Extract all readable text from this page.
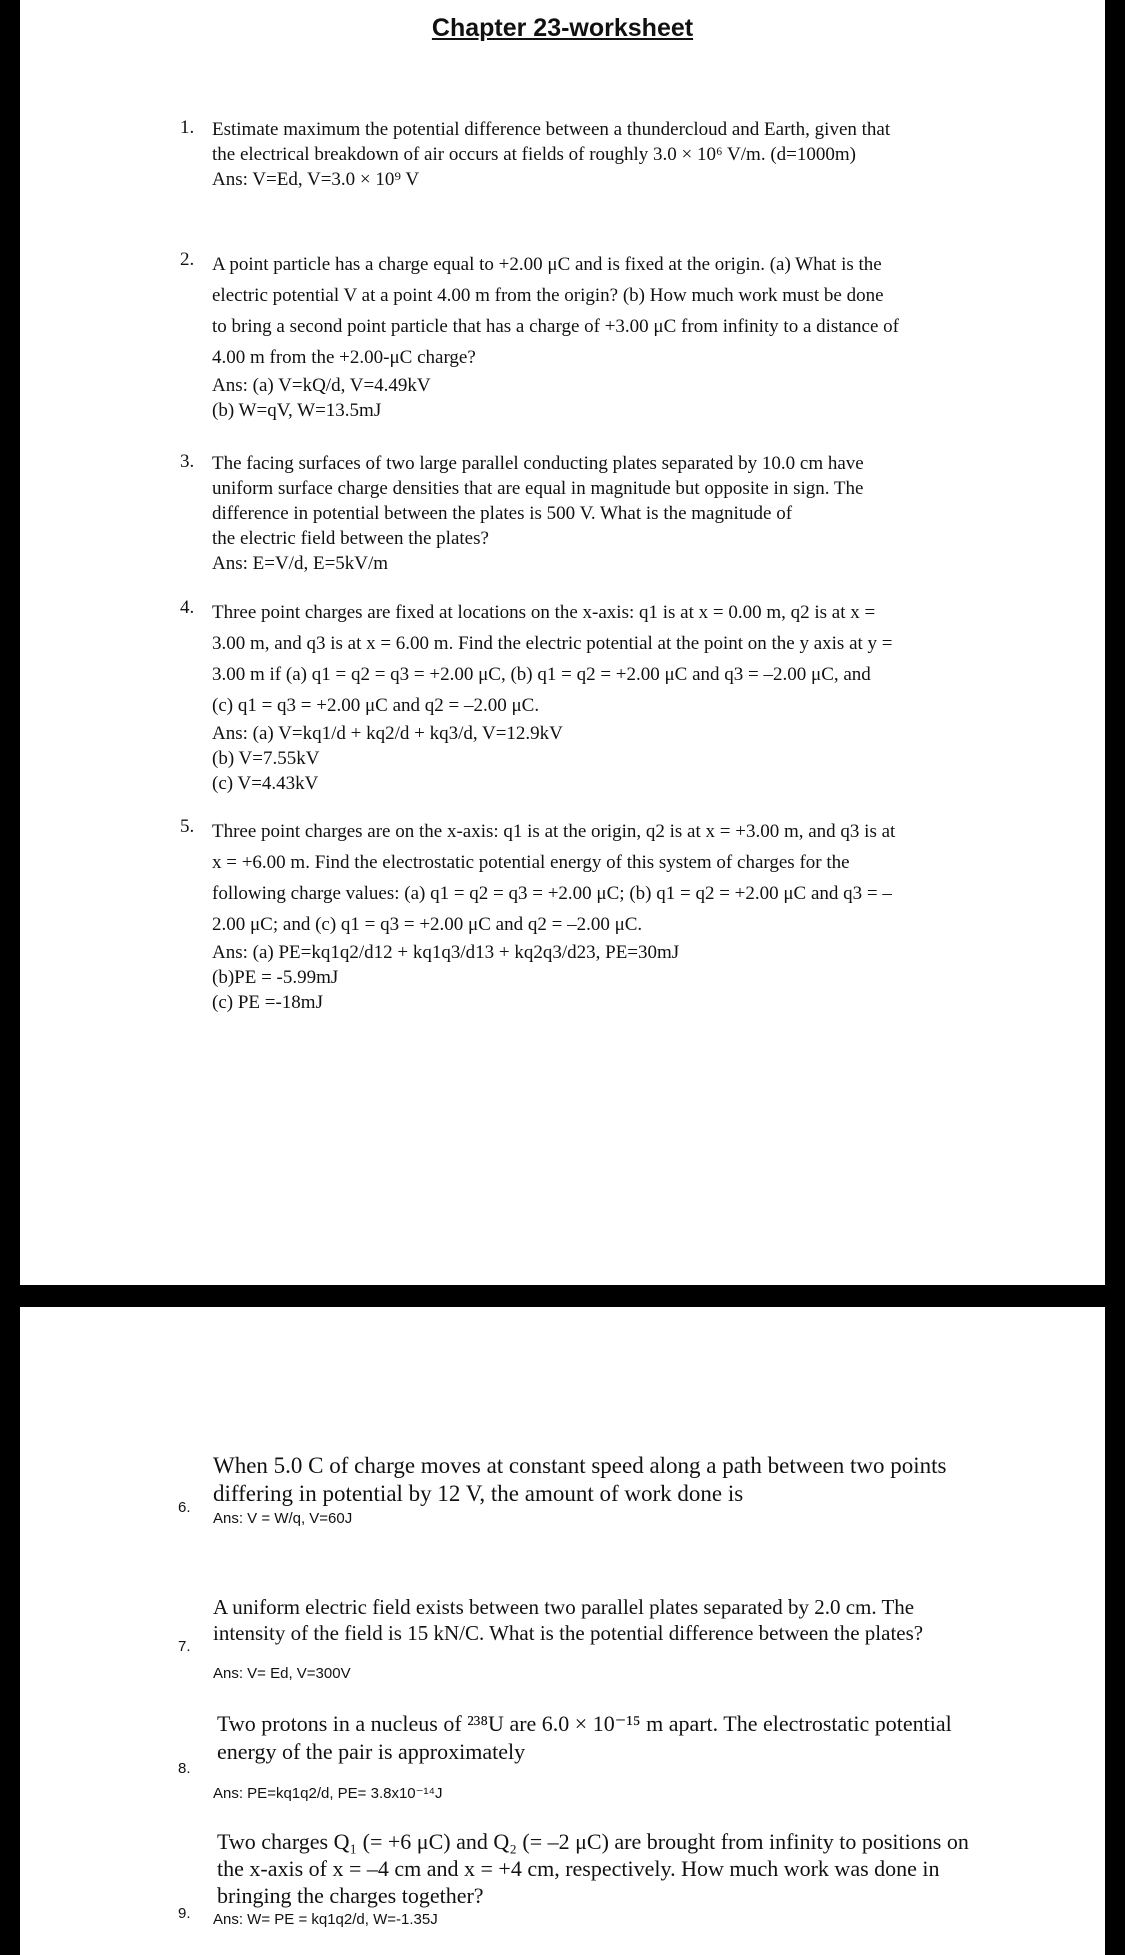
Chapter 23-worksheet
1. Estimate maximum the potential difference between a thundercloud and Earth, given that
the electrical breakdown of air occurs at fields of roughly 3.0 × 10⁶ V/m. (d=1000m)
Ans: V=Ed, V=3.0 × 10⁹ V
2. A point particle has a charge equal to +2.00 μC and is fixed at the origin. (a) What is the
electric potential V at a point 4.00 m from the origin? (b) How much work must be done
to bring a second point particle that has a charge of +3.00 μC from infinity to a distance of
4.00 m from the +2.00-μC charge?
Ans: (a) V=kQ/d, V=4.49kV
(b) W=qV, W=13.5mJ
3. The facing surfaces of two large parallel conducting plates separated by 10.0 cm have
uniform surface charge densities that are equal in magnitude but opposite in sign. The
difference in potential between the plates is 500 V. What is the magnitude of
the electric field between the plates?
Ans: E=V/d, E=5kV/m
4. Three point charges are fixed at locations on the x-axis: q1 is at x = 0.00 m, q2 is at x =
3.00 m, and q3 is at x = 6.00 m. Find the electric potential at the point on the y axis at y =
3.00 m if (a) q1 = q2 = q3 = +2.00 μC, (b) q1 = q2 = +2.00 μC and q3 = –2.00 μC, and
(c) q1 = q3 = +2.00 μC and q2 = –2.00 μC.
Ans: (a) V=kq1/d + kq2/d + kq3/d, V=12.9kV
(b) V=7.55kV
(c) V=4.43kV
5. Three point charges are on the x-axis: q1 is at the origin, q2 is at x = +3.00 m, and q3 is at
x = +6.00 m. Find the electrostatic potential energy of this system of charges for the
following charge values: (a) q1 = q2 = q3 = +2.00 μC; (b) q1 = q2 = +2.00 μC and q3 = –
2.00 μC; and (c) q1 = q3 = +2.00 μC and q2 = –2.00 μC.
Ans: (a) PE=kq1q2/d12 + kq1q3/d13 + kq2q3/d23, PE=30mJ
(b)PE = -5.99mJ
(c) PE =-18mJ
6.
When 5.0 C of charge moves at constant speed along a path between two points
differing in potential by 12 V, the amount of work done is
Ans: V = W/q, V=60J
7.
A uniform electric field exists between two parallel plates separated by 2.0 cm. The
intensity of the field is 15 kN/C. What is the potential difference between the plates?
Ans: V= Ed, V=300V
8.
Two protons in a nucleus of ²³⁸U are 6.0 × 10⁻¹⁵ m apart. The electrostatic potential
energy of the pair is approximately
Ans: PE=kq1q2/d, PE= 3.8x10⁻¹⁴J
9.
Two charges Q₁ (= +6 μC) and Q₂ (= –2 μC) are brought from infinity to positions on
the x-axis of x = –4 cm and x = +4 cm, respectively. How much work was done in
bringing the charges together?
Ans: W= PE = kq1q2/d, W=-1.35J
